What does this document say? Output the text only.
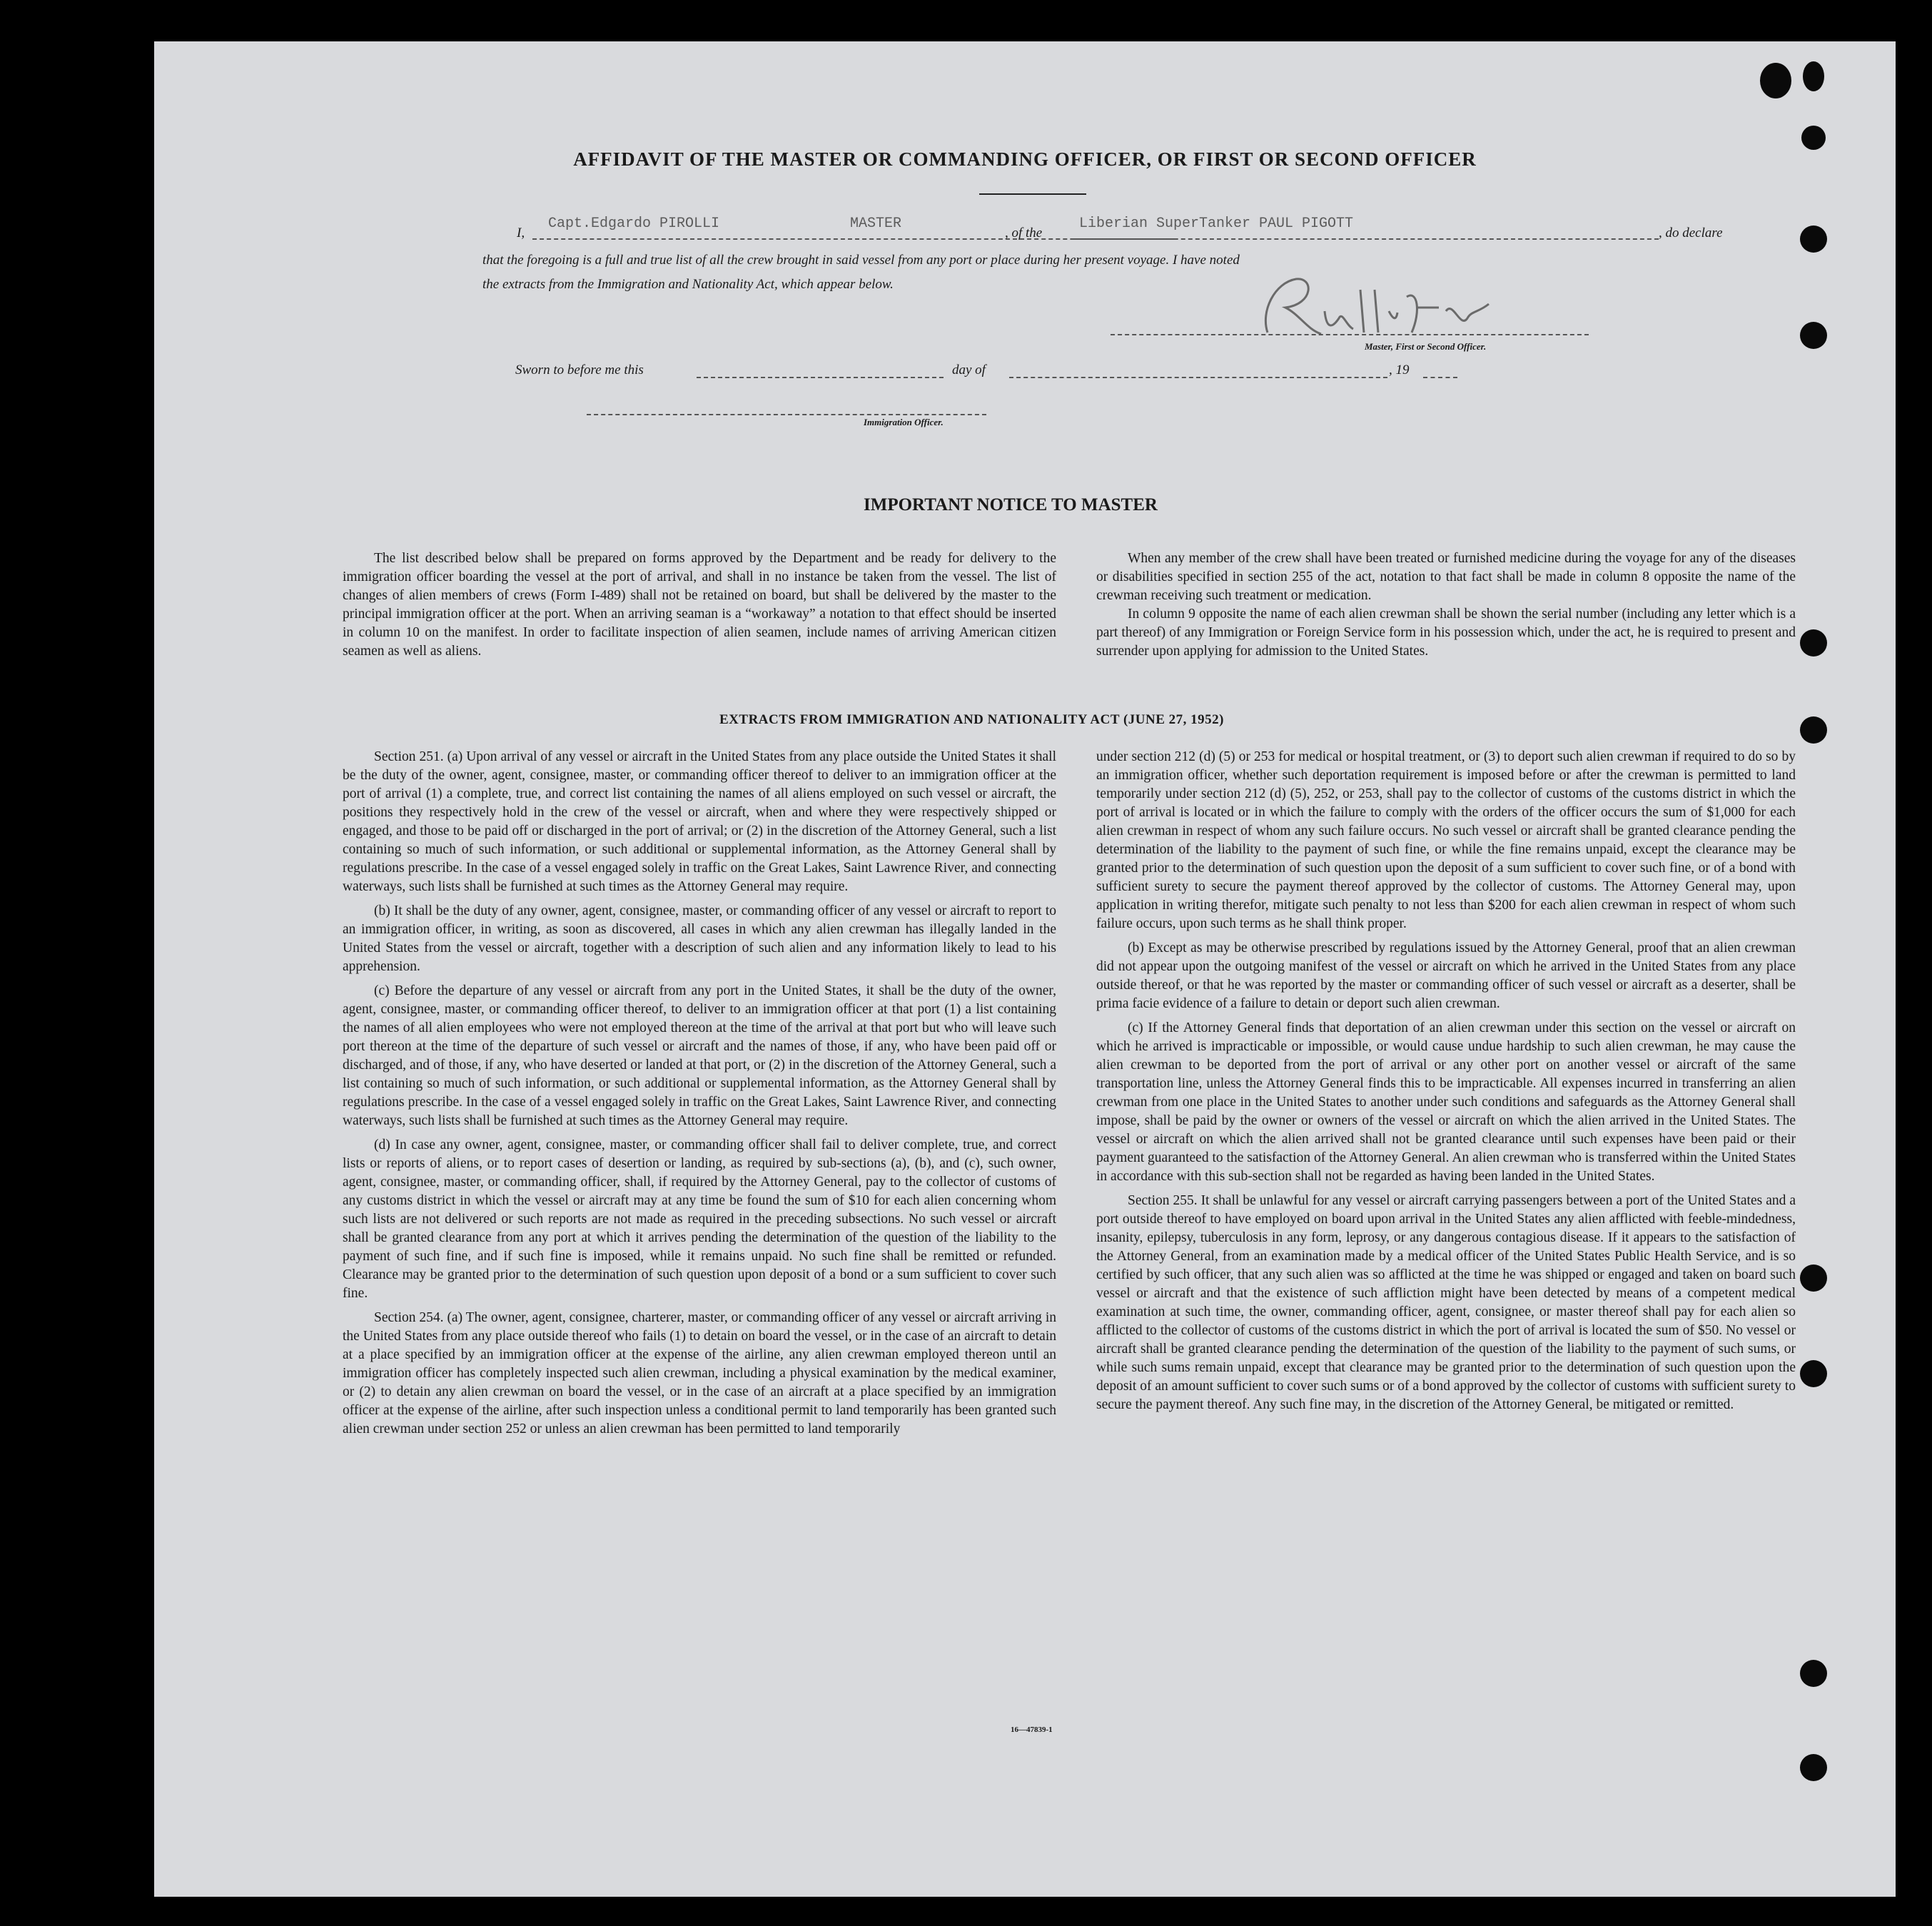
AFFIDAVIT OF THE MASTER OR COMMANDING OFFICER, OR FIRST OR SECOND OFFICER
I,
Capt.Edgardo PIROLLI	MASTER
, of the
Liberian SuperTanker PAUL PIGOTT
, do declare
that the foregoing is a full and true list of all the crew brought in said vessel from any port or place during her present voyage. I have noted
the extracts from the Immigration and Nationality Act, which appear below.
Master, First or Second Officer.
Sworn to before me this	day of	, 19
Immigration Officer.
IMPORTANT NOTICE TO MASTER

The list described below shall be prepared on forms approved by the Department and be ready for delivery to the immigration officer boarding the vessel at the port of arrival, and shall in no instance be taken from the vessel. The list of changes of alien members of crews (Form I-489) shall not be retained on board, but shall be delivered by the master to the principal immigration officer at the port. When an arriving seaman is a “workaway” a notation to that effect should be inserted in column 10 on the manifest. In order to facilitate inspection of alien seamen, include names of arriving American citizen seamen as well as aliens.

When any member of the crew shall have been treated or furnished medicine during the voyage for any of the diseases or disabilities specified in section 255 of the act, notation to that fact shall be made in column 8 opposite the name of the crewman receiving such treatment or medication.

In column 9 opposite the name of each alien crewman shall be shown the serial number (including any letter which is a part thereof) of any Immigration or Foreign Service form in his possession which, under the act, he is required to present and surrender upon applying for admission to the United States.

EXTRACTS FROM IMMIGRATION AND NATIONALITY ACT (JUNE 27, 1952)

Section 251. (a) Upon arrival of any vessel or aircraft in the United States from any place outside the United States it shall be the duty of the owner, agent, consignee, master, or commanding officer thereof to deliver to an immigration officer at the port of arrival (1) a complete, true, and correct list containing the names of all aliens employed on such vessel or aircraft, the positions they respectively hold in the crew of the vessel or aircraft, when and where they were respectively shipped or engaged, and those to be paid off or discharged in the port of arrival; or (2) in the discretion of the Attorney General, such a list containing so much of such information, or such additional or supplemental information, as the Attorney General shall by regulations prescribe. In the case of a vessel engaged solely in traffic on the Great Lakes, Saint Lawrence River, and connecting waterways, such lists shall be furnished at such times as the Attorney General may require.

(b) It shall be the duty of any owner, agent, consignee, master, or commanding officer of any vessel or aircraft to report to an immigration officer, in writing, as soon as discovered, all cases in which any alien crewman has illegally landed in the United States from the vessel or aircraft, together with a description of such alien and any information likely to lead to his apprehension.

(c) Before the departure of any vessel or aircraft from any port in the United States, it shall be the duty of the owner, agent, consignee, master, or commanding officer thereof, to deliver to an immigration officer at that port (1) a list containing the names of all alien employees who were not employed thereon at the time of the arrival at that port but who will leave such port thereon at the time of the departure of such vessel or aircraft and the names of those, if any, who have been paid off or discharged, and of those, if any, who have deserted or landed at that port, or (2) in the discretion of the Attorney General, such a list containing so much of such information, or such additional or supplemental information, as the Attorney General shall by regulations prescribe. In the case of a vessel engaged solely in traffic on the Great Lakes, Saint Lawrence River, and connecting waterways, such lists shall be furnished at such times as the Attorney General may require.

(d) In case any owner, agent, consignee, master, or commanding officer shall fail to deliver complete, true, and correct lists or reports of aliens, or to report cases of desertion or landing, as required by sub-sections (a), (b), and (c), such owner, agent, consignee, master, or commanding officer, shall, if required by the Attorney General, pay to the collector of customs of any customs district in which the vessel or aircraft may at any time be found the sum of $10 for each alien concerning whom such lists are not delivered or such reports are not made as required in the preceding subsections. No such vessel or aircraft shall be granted clearance from any port at which it arrives pending the determination of the question of the liability to the payment of such fine, and if such fine is imposed, while it remains unpaid. No such fine shall be remitted or refunded. Clearance may be granted prior to the determination of such question upon deposit of a bond or a sum sufficient to cover such fine.

Section 254. (a) The owner, agent, consignee, charterer, master, or commanding officer of any vessel or aircraft arriving in the United States from any place outside thereof who fails (1) to detain on board the vessel, or in the case of an aircraft to detain at a place specified by an immigration officer at the expense of the airline, any alien crewman employed thereon until an immigration officer has completely inspected such alien crewman, including a physical examination by the medical examiner, or (2) to detain any alien crewman on board the vessel, or in the case of an aircraft at a place specified by an immigration officer at the expense of the airline, after such inspection unless a conditional permit to land temporarily has been granted such alien crewman under section 252 or unless an alien crewman has been permitted to land temporarily

under section 212 (d) (5) or 253 for medical or hospital treatment, or (3) to deport such alien crewman if required to do so by an immigration officer, whether such deportation requirement is imposed before or after the crewman is permitted to land temporarily under section 212 (d) (5), 252, or 253, shall pay to the collector of customs of the customs district in which the port of arrival is located or in which the failure to comply with the orders of the officer occurs the sum of $1,000 for each alien crewman in respect of whom any such failure occurs. No such vessel or aircraft shall be granted clearance pending the determination of the liability to the payment of such fine, or while the fine remains unpaid, except the clearance may be granted prior to the determination of such question upon the deposit of a sum sufficient to cover such fine, or of a bond with sufficient surety to secure the payment thereof approved by the collector of customs. The Attorney General may, upon application in writing therefor, mitigate such penalty to not less than $200 for each alien crewman in respect of whom such failure occurs, upon such terms as he shall think proper.

(b) Except as may be otherwise prescribed by regulations issued by the Attorney General, proof that an alien crewman did not appear upon the outgoing manifest of the vessel or aircraft on which he arrived in the United States from any place outside thereof, or that he was reported by the master or commanding officer of such vessel or aircraft as a deserter, shall be prima facie evidence of a failure to detain or deport such alien crewman.

(c) If the Attorney General finds that deportation of an alien crewman under this section on the vessel or aircraft on which he arrived is impracticable or impossible, or would cause undue hardship to such alien crewman, he may cause the alien crewman to be deported from the port of arrival or any other port on another vessel or aircraft of the same transportation line, unless the Attorney General finds this to be impracticable. All expenses incurred in transferring an alien crewman from one place in the United States to another under such conditions and safeguards as the Attorney General shall impose, shall be paid by the owner or owners of the vessel or aircraft on which the alien arrived in the United States. The vessel or aircraft on which the alien arrived shall not be granted clearance until such expenses have been paid or their payment guaranteed to the satisfaction of the Attorney General. An alien crewman who is transferred within the United States in accordance with this sub-section shall not be regarded as having been landed in the United States.

Section 255. It shall be unlawful for any vessel or aircraft carrying passengers between a port of the United States and a port outside thereof to have employed on board upon arrival in the United States any alien afflicted with feeble-mindedness, insanity, epilepsy, tuberculosis in any form, leprosy, or any dangerous contagious disease. If it appears to the satisfaction of the Attorney General, from an examination made by a medical officer of the United States Public Health Service, and is so certified by such officer, that any such alien was so afflicted at the time he was shipped or engaged and taken on board such vessel or aircraft and that the existence of such affliction might have been detected by means of a competent medical examination at such time, the owner, commanding officer, agent, consignee, or master thereof shall pay for each alien so afflicted to the collector of customs of the customs district in which the port of arrival is located the sum of $50. No vessel or aircraft shall be granted clearance pending the determination of the question of the liability to the payment of such sums, or while such sums remain unpaid, except that clearance may be granted prior to the determination of such question upon the deposit of an amount sufficient to cover such sums or of a bond approved by the collector of customs with sufficient surety to secure the payment thereof. Any such fine may, in the discretion of the Attorney General, be mitigated or remitted.

16—47839-1
